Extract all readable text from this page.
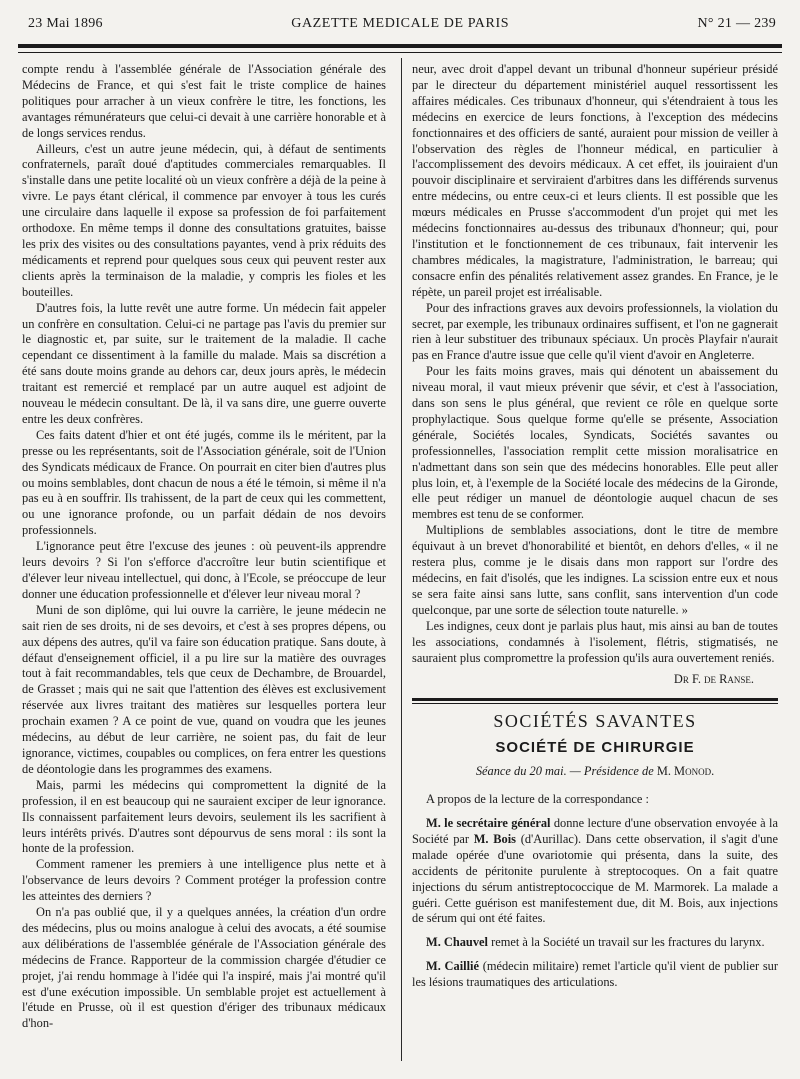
23 Mai 1896	GAZETTE MEDICALE DE PARIS	N° 21 — 239

compte rendu à l'assemblée générale de l'Association générale des Médecins de France, et qui s'est fait le triste complice de haines politiques pour arracher à un vieux confrère le titre, les fonctions, les avantages rémunérateurs que celui-ci devait à une carrière honorable et à de longs services rendus.

Ailleurs, c'est un autre jeune médecin, qui, à défaut de sentiments confraternels, paraît doué d'aptitudes commerciales remarquables. Il s'installe dans une petite localité où un vieux confrère a déjà de la peine à vivre. Le pays étant clérical, il commence par envoyer à tous les curés une circulaire dans laquelle il expose sa profession de foi parfaitement orthodoxe. En même temps il donne des consultations gratuites, baisse les prix des visites ou des consultations payantes, vend à prix réduits des médicaments et reprend pour quelques sous ceux qui peuvent rester aux clients après la terminaison de la maladie, y compris les fioles et les bouteilles.

D'autres fois, la lutte revêt une autre forme. Un médecin fait appeler un confrère en consultation. Celui-ci ne partage pas l'avis du premier sur le diagnostic et, par suite, sur le traitement de la maladie. Il cache cependant ce dissentiment à la famille du malade. Mais sa discrétion a été sans doute moins grande au dehors car, deux jours après, le médecin traitant est remercié et remplacé par un autre auquel est adjoint de nouveau le médecin consultant. De là, il va sans dire, une guerre ouverte entre les deux confrères.

Ces faits datent d'hier et ont été jugés, comme ils le méritent, par la presse ou les représentants, soit de l'Association générale, soit de l'Union des Syndicats médicaux de France. On pourrait en citer bien d'autres plus ou moins semblables, dont chacun de nous a été le témoin, si même il n'a pas eu à en souffrir. Ils trahissent, de la part de ceux qui les commettent, ou une ignorance profonde, ou un parfait dédain de nos devoirs professionnels.

L'ignorance peut être l'excuse des jeunes : où peuvent-ils apprendre leurs devoirs ? Si l'on s'efforce d'accroître leur butin scientifique et d'élever leur niveau intellectuel, qui donc, à l'Ecole, se préoccupe de leur donner une éducation professionnelle et d'élever leur niveau moral ?

Muni de son diplôme, qui lui ouvre la carrière, le jeune médecin ne sait rien de ses droits, ni de ses devoirs, et c'est à ses propres dépens, ou aux dépens des autres, qu'il va faire son éducation pratique. Sans doute, à défaut d'enseignement officiel, il a pu lire sur la matière des ouvrages tout à fait recommandables, tels que ceux de Dechambre, de Brouardel, de Grasset ; mais qui ne sait que l'attention des élèves est exclusivement réservée aux livres traitant des matières sur lesquelles portera leur prochain examen ? A ce point de vue, quand on voudra que les jeunes médecins, au début de leur carrière, ne soient pas, du fait de leur ignorance, victimes, coupables ou complices, on fera entrer les questions de déontologie dans les programmes des examens.

Mais, parmi les médecins qui compromettent la dignité de la profession, il en est beaucoup qui ne sauraient exciper de leur ignorance. Ils connaissent parfaitement leurs devoirs, seulement ils les sacrifient à leurs intérêts privés. D'autres sont dépourvus de sens moral : ils sont la honte de la profession.

Comment ramener les premiers à une intelligence plus nette et à l'observance de leurs devoirs ? Comment protéger la profession contre les atteintes des derniers ?

On n'a pas oublié que, il y a quelques années, la création d'un ordre des médecins, plus ou moins analogue à celui des avocats, a été soumise aux délibérations de l'assemblée générale de l'Association générale des médecins de France. Rapporteur de la commission chargée d'étudier ce projet, j'ai rendu hommage à l'idée qui l'a inspiré, mais j'ai montré qu'il est d'une exécution impossible. Un semblable projet est actuellement à l'étude en Prusse, où il est question d'ériger des tribunaux médicaux d'hon-

neur, avec droit d'appel devant un tribunal d'honneur supérieur présidé par le directeur du département ministériel auquel ressortissent les affaires médicales. Ces tribunaux d'honneur, qui s'étendraient à tous les médecins en exercice de leurs fonctions, à l'exception des médecins fonctionnaires et des officiers de santé, auraient pour mission de veiller à l'observation des règles de l'honneur médical, en particulier à l'accomplissement des devoirs médicaux. A cet effet, ils jouiraient d'un pouvoir disciplinaire et serviraient d'arbitres dans les différends survenus entre médecins, ou entre ceux-ci et leurs clients. Il est possible que les mœurs médicales en Prusse s'accommodent d'un projet qui met les médecins fonctionnaires au-dessus des tribunaux d'honneur; qui, pour l'institution et le fonctionnement de ces tribunaux, fait intervenir les chambres médicales, la magistrature, l'administration, le barreau; qui consacre enfin des pénalités relativement assez grandes. En France, je le répète, un pareil projet est irréalisable.

Pour des infractions graves aux devoirs professionnels, la violation du secret, par exemple, les tribunaux ordinaires suffisent, et l'on ne gagnerait rien à leur substituer des tribunaux spéciaux. Un procès Playfair n'aurait pas en France d'autre issue que celle qu'il vient d'avoir en Angleterre.

Pour les faits moins graves, mais qui dénotent un abaissement du niveau moral, il vaut mieux prévenir que sévir, et c'est à l'association, dans son sens le plus général, que revient ce rôle en quelque sorte prophylactique. Sous quelque forme qu'elle se présente, Association générale, Sociétés locales, Syndicats, Sociétés savantes ou professionnelles, l'association remplit cette mission moralisatrice en n'admettant dans son sein que des médecins honorables. Elle peut aller plus loin, et, à l'exemple de la Société locale des médecins de la Gironde, elle peut rédiger un manuel de déontologie auquel chacun de ses membres est tenu de se conformer.

Multiplions de semblables associations, dont le titre de membre équivaut à un brevet d'honorabilité et bientôt, en dehors d'elles, « il ne restera plus, comme je le disais dans mon rapport sur l'ordre des médecins, en fait d'isolés, que les indignes. La scission entre eux et nous se sera faite ainsi sans lutte, sans conflit, sans intervention d'un code quelconque, par une sorte de sélection toute naturelle. »

Les indignes, ceux dont je parlais plus haut, mis ainsi au ban de toutes les associations, condamnés à l'isolement, flétris, stigmatisés, ne sauraient plus compromettre la profession qu'ils aura ouvertement reniés.

Dr F. de Ranse.
SOCIÉTÉS SAVANTES
SOCIÉTÉ DE CHIRURGIE
Séance du 20 mai. — Présidence de M. Monod.

A propos de la lecture de la correspondance :

M. le secrétaire général donne lecture d'une observation envoyée à la Société par M. Bois (d'Aurillac). Dans cette observation, il s'agit d'une malade opérée d'une ovariotomie qui présenta, dans la suite, des accidents de péritonite purulente à streptocoques. On a fait quatre injections du sérum antistreptococcique de M. Marmorek. La malade a guéri. Cette guérison est manifestement due, dit M. Bois, aux injections de sérum qui ont été faites.

M. Chauvel remet à la Société un travail sur les fractures du larynx.

M. Caillié (médecin militaire) remet l'article qu'il vient de publier sur les lésions traumatiques des articulations.
